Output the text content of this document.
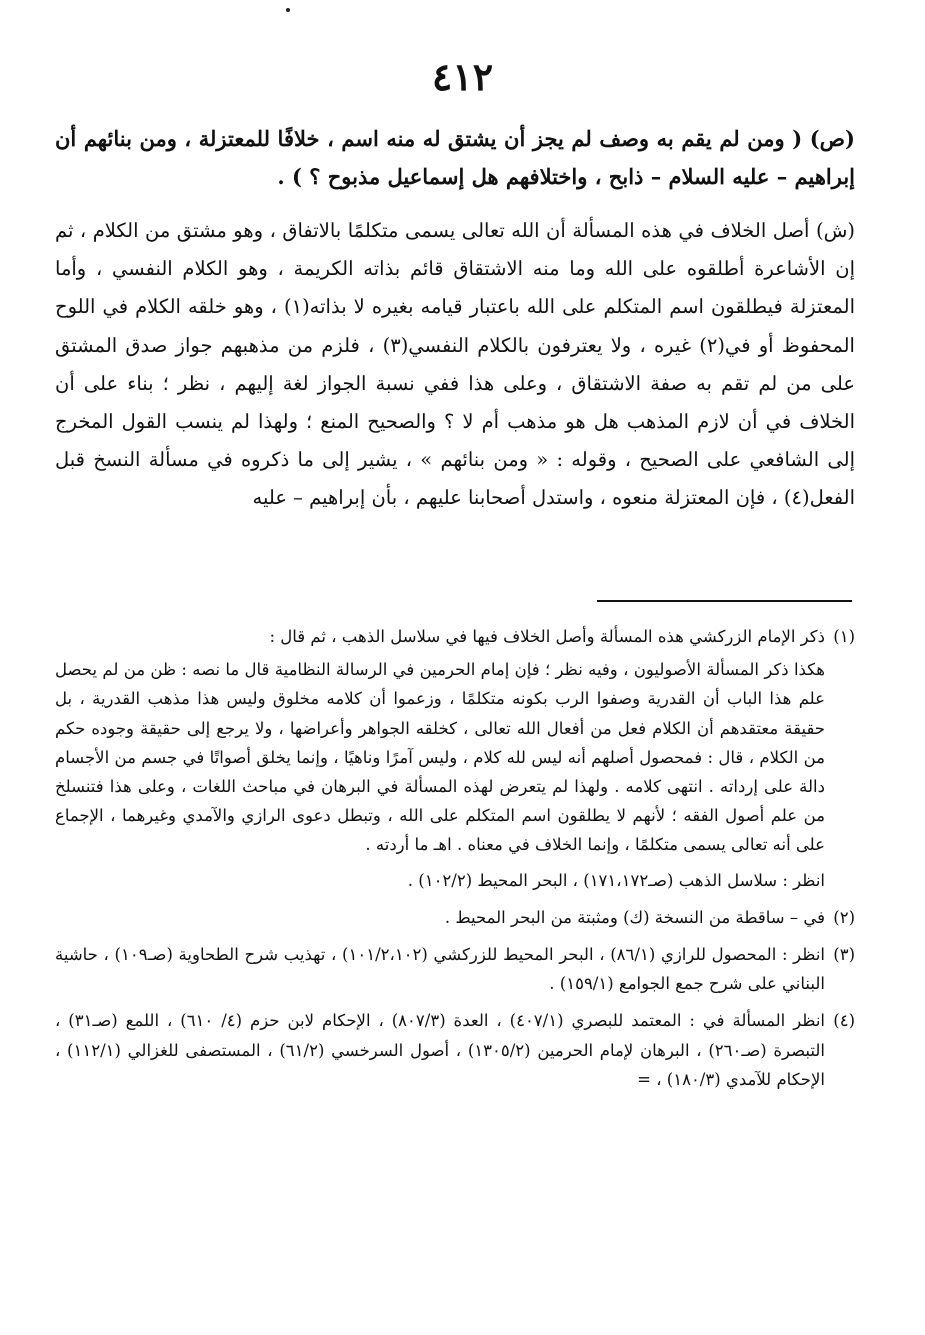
٤١٢
(ص) ( ومن لم يقم به وصف لم يجز أن يشتق له منه اسم ، خلافًا للمعتزلة ، ومن بنائهم أن إبراهيم – عليه السلام – ذابح ، واختلافهم هل إسماعيل مذبوح ؟ ) .
(ش) أصل الخلاف في هذه المسألة أن الله تعالى يسمى متكلمًا بالاتفاق ، وهو مشتق من الكلام ، ثم إن الأشاعرة أطلقوه على الله وما منه الاشتقاق قائم بذاته الكريمة ، وهو الكلام النفسي ، وأما المعتزلة فيطلقون اسم المتكلم على الله باعتبار قيامه بغيره لا بذاته(١) ، وهو خلقه الكلام في اللوح المحفوظ أو في(٢) غيره ، ولا يعترفون بالكلام النفسي(٣) ، فلزم من مذهبهم جواز صدق المشتق على من لم تقم به صفة الاشتقاق ، وعلى هذا ففي نسبة الجواز لغة إليهم ، نظر ؛ بناء على أن الخلاف في أن لازم المذهب هل هو مذهب أم لا ؟ والصحيح المنع ؛ ولهذا لم ينسب القول المخرج إلى الشافعي على الصحيح ، وقوله : « ومن بنائهم » ، يشير إلى ما ذكروه في مسألة النسخ قبل الفعل(٤) ، فإن المعتزلة منعوه ، واستدل أصحابنا عليهم ، بأن إبراهيم – عليه
(١)

ذكر الإمام الزركشي هذه المسألة وأصل الخلاف فيها في سلاسل الذهب ، ثم قال :

هكذا ذكر المسألة الأصوليون ، وفيه نظر ؛ فإن إمام الحرمين في الرسالة النظامية قال ما نصه : ظن من لم يحصل علم هذا الباب أن القدرية وصفوا الرب بكونه متكلمًا ، وزعموا أن كلامه مخلوق وليس هذا مذهب القدرية ، بل حقيقة معتقدهم أن الكلام فعل من أفعال الله تعالى ، كخلقه الجواهر وأعراضها ، ولا يرجع إلى حقيقة وجوده حكم من الكلام ، قال : فمحصول أصلهم أنه ليس لله كلام ، وليس آمرًا وناهيًا ، وإنما يخلق أصواتًا في جسم من الأجسام دالة على إرداته . انتهى كلامه . ولهذا لم يتعرض لهذه المسألة في البرهان في مباحث اللغات ، وعلى هذا فتنسلخ من علم أصول الفقه ؛ لأنهم لا يطلقون اسم المتكلم على الله ، وتبطل دعوى الرازي والآمدي وغيرهما ، الإجماع على أنه تعالى يسمى متكلمًا ، وإنما الخلاف في معناه . اهـ ما أردته .

انظر : سلاسل الذهب (صـ١٧١،١٧٢) ، البحر المحيط (١٠٢/٢) .

(٢)

في – ساقطة من النسخة (ك) ومثبتة من البحر المحيط .

(٣)

انظر : المحصول للرازي (٨٦/١) ، البحر المحيط للزركشي (١٠١/٢،١٠٢) ، تهذيب شرح الطحاوية (صـ١٠٩) ، حاشية البناني على شرح جمع الجوامع (١٥٩/١) .

(٤)

انظر المسألة في : المعتمد للبصري (٤٠٧/١) ، العدة (٨٠٧/٣) ، الإحكام لابن حزم (٤/ ٦١٠) ، اللمع (صـ٣١) ، التبصرة (صـ٢٦٠) ، البرهان لإمام الحرمين (١٣٠٥/٢) ، أصول السرخسي (٦١/٢) ، المستصفى للغزالي (١١٢/١) ، الإحكام للآمدي (١٨٠/٣) ، =
